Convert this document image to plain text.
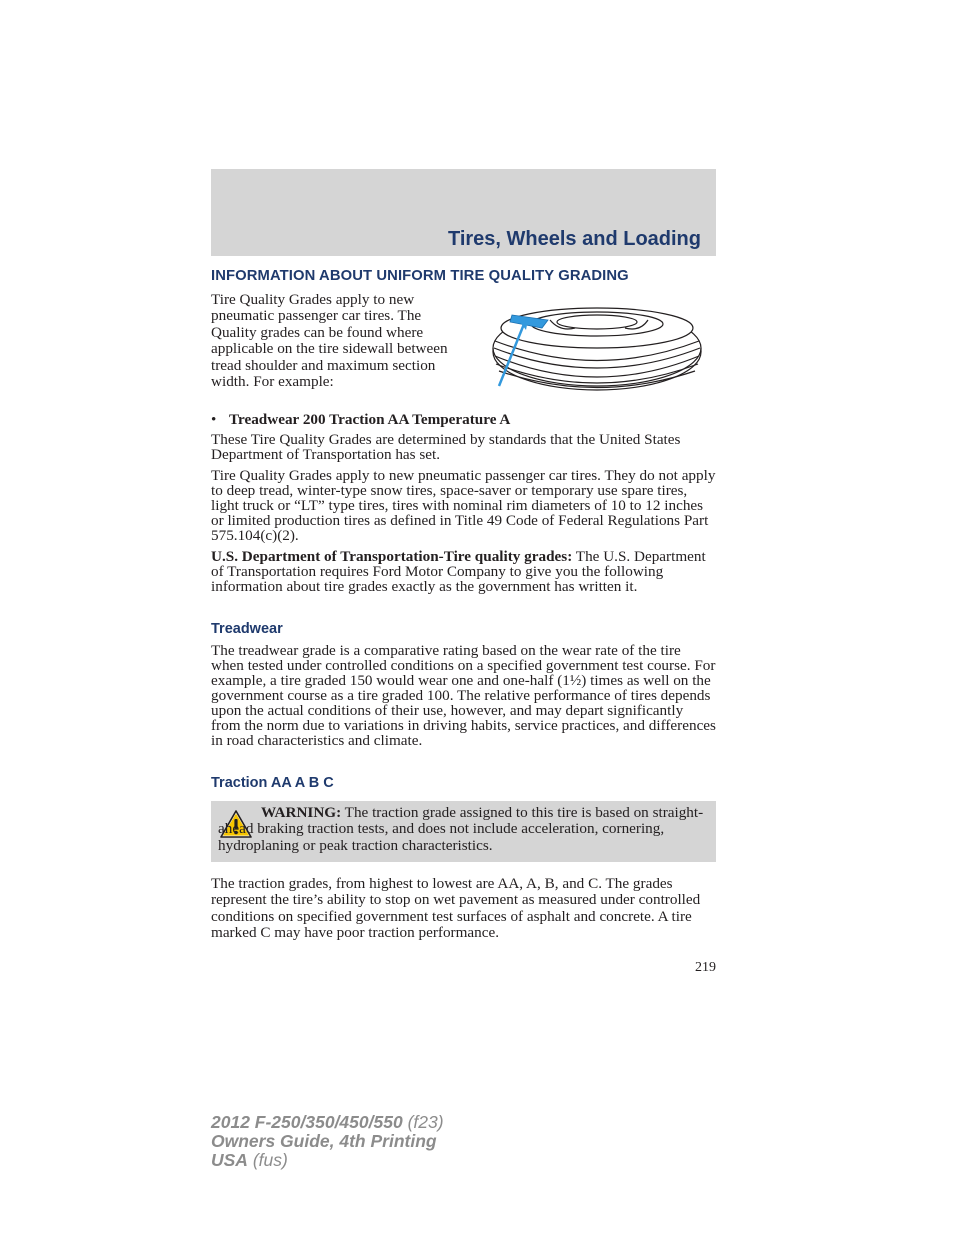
Tires, Wheels and Loading
INFORMATION ABOUT UNIFORM TIRE QUALITY GRADING
Tire Quality Grades apply to new pneumatic passenger car tires. The Quality grades can be found where applicable on the tire sidewall between tread shoulder and maximum section width. For example:
• Treadwear 200 Traction AA Temperature A

These Tire Quality Grades are determined by standards that the United States Department of Transportation has set.

Tire Quality Grades apply to new pneumatic passenger car tires. They do not apply to deep tread, winter-type snow tires, space-saver or temporary use spare tires, light truck or “LT” type tires, tires with nominal rim diameters of 10 to 12 inches or limited production tires as defined in Title 49 Code of Federal Regulations Part 575.104(c)(2).

U.S. Department of Transportation-Tire quality grades: The U.S. Department of Transportation requires Ford Motor Company to give you the following information about tire grades exactly as the government has written it.

Treadwear

The treadwear grade is a comparative rating based on the wear rate of the tire when tested under controlled conditions on a specified government test course. For example, a tire graded 150 would wear one and one-half (1½) times as well on the government course as a tire graded 100. The relative performance of tires depends upon the actual conditions of their use, however, and may depart significantly from the norm due to variations in driving habits, service practices, and differences in road characteristics and climate.

Traction AA A B C

WARNING: The traction grade assigned to this tire is based on straight-ahead braking traction tests, and does not include acceleration, cornering, hydroplaning or peak traction characteristics.

The traction grades, from highest to lowest are AA, A, B, and C. The grades represent the tire’s ability to stop on wet pavement as measured under controlled conditions on specified government test surfaces of asphalt and concrete. A tire marked C may have poor traction performance.

219
2012 F-250/350/450/550 (f23)
Owners Guide, 4th Printing
USA (fus)
